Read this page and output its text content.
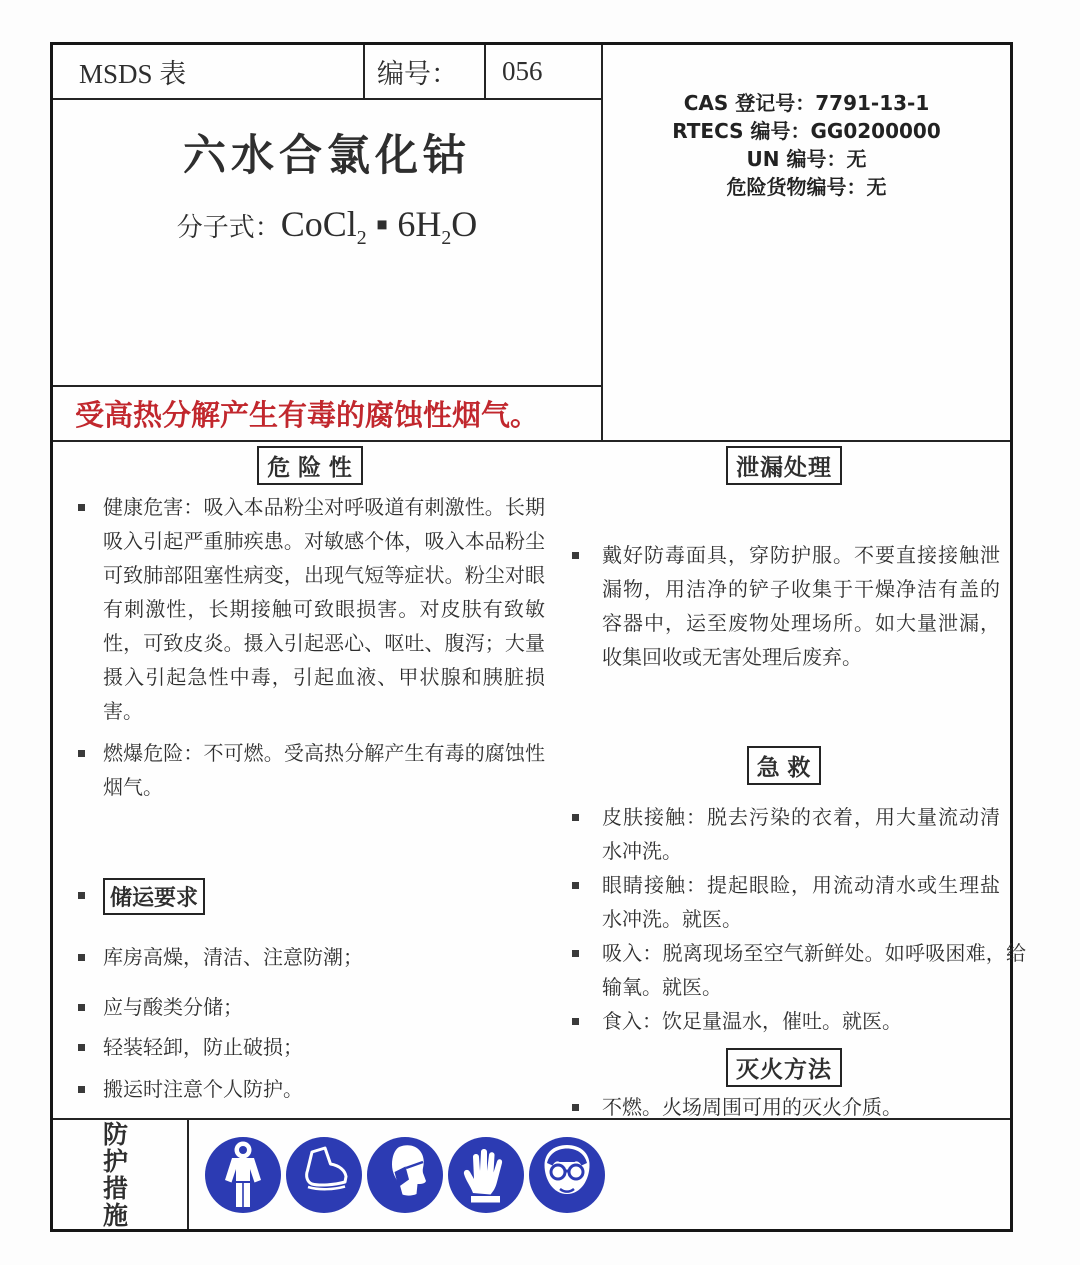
MSDS 表	编号： 056
六水合氯化钴
分子式：CoCl$_2$ ▪ $6H_2O$
CAS 登记号：7791-13-1
RTECS 编号：GG0200000
UN 编号：无
危险货物编号：无
受高热分解产生有毒的腐蚀性烟气。
危 险 性
健康危害：吸入本品粉尘对呼吸道有刺激性。长期吸入引起严重肺疾患。对敏感个体，吸入本品粉尘可致肺部阻塞性病变，出现气短等症状。粉尘对眼有刺激性，长期接触可致眼损害。对皮肤有致敏性，可致皮炎。摄入引起恶心、呕吐、腹泻；大量摄入引起急性中毒，引起血液、甲状腺和胰脏损害。
燃爆危险：不可燃。受高热分解产生有毒的腐蚀性烟气。
储运要求
库房高燥，清洁、注意防潮；
应与酸类分储；
轻装轻卸，防止破损；
搬运时注意个人防护。
泄漏处理
戴好防毒面具，穿防护服。不要直接接触泄漏物，用洁净的铲子收集于干燥净洁有盖的容器中，运至废物处理场所。如大量泄漏，收集回收或无害处理后废弃。
急 救
皮肤接触：脱去污染的衣着，用大量流动清水冲洗。
眼睛接触：提起眼睑，用流动清水或生理盐水冲洗。就医。
吸入：脱离现场至空气新鲜处。如呼吸困难，给输氧。就医。
食入：饮足量温水，催吐。就医。
灭火方法
不燃。火场周围可用的灭火介质。
防
护
措
施
